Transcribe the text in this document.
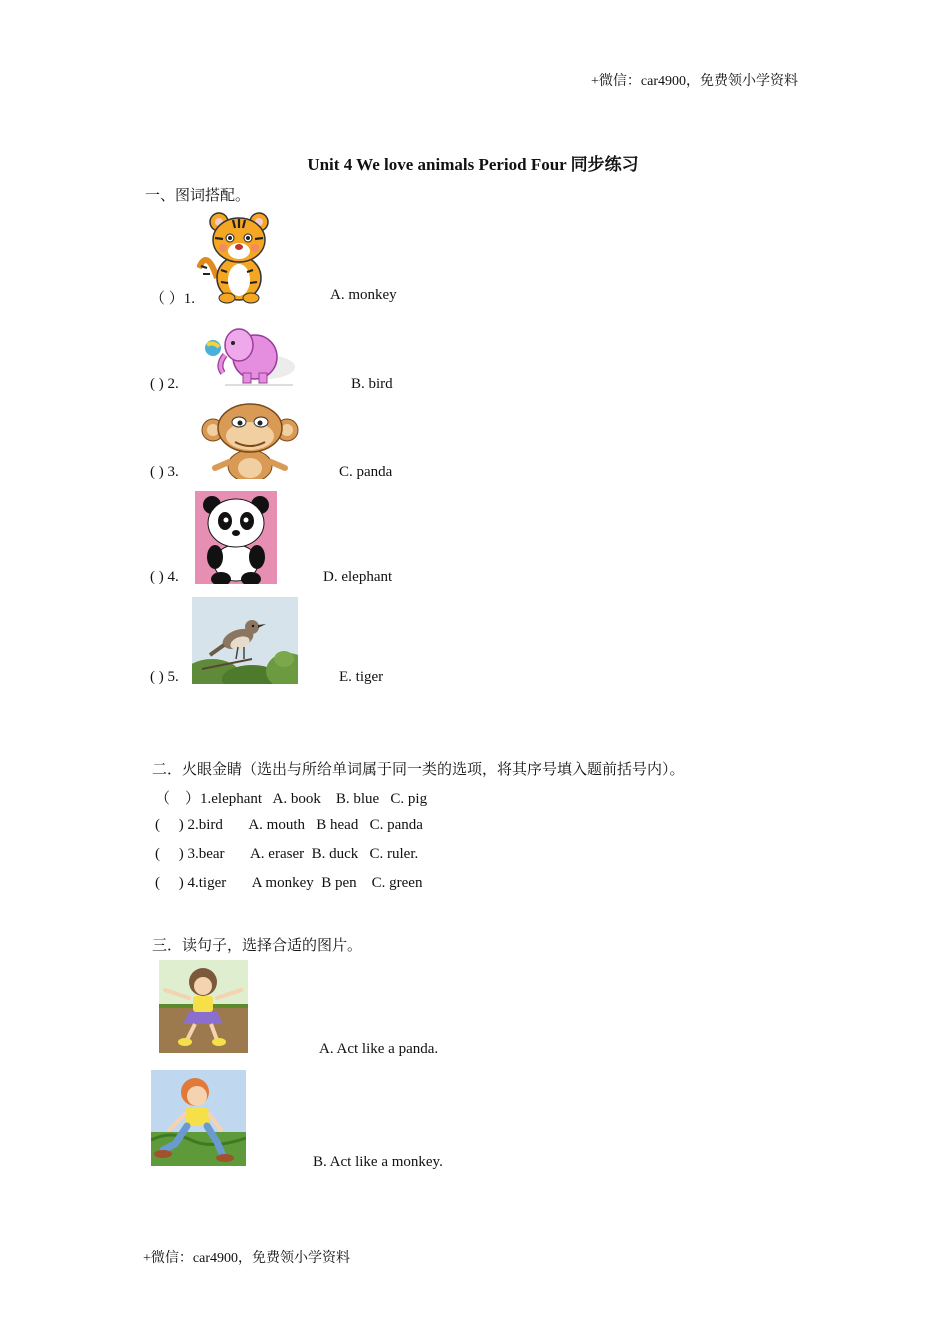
+微信：car4900，免费领小学资料
+微信：car4900，免费领小学资料
Unit 4 We love animals Period Four 同步练习
一、图词搭配。
（ ）1.	A. monkey
( ) 2.	B. bird
( ) 3.	C. panda
( ) 4.	D. elephant
( ) 5.	E. tiger
二．火眼金睛（选出与所给单词属于同一类的选项，将其序号填入题前括号内）。
（    ）1.elephant   A. book    B. blue   C. pig
(     ) 2.bird       A. mouth   B head   C. panda
(     ) 3.bear       A. eraser  B. duck   C. ruler.
(     ) 4.tiger       A monkey  B pen    C. green
三．读句子，选择合适的图片。
A. Act like a panda.
B. Act like a monkey.
